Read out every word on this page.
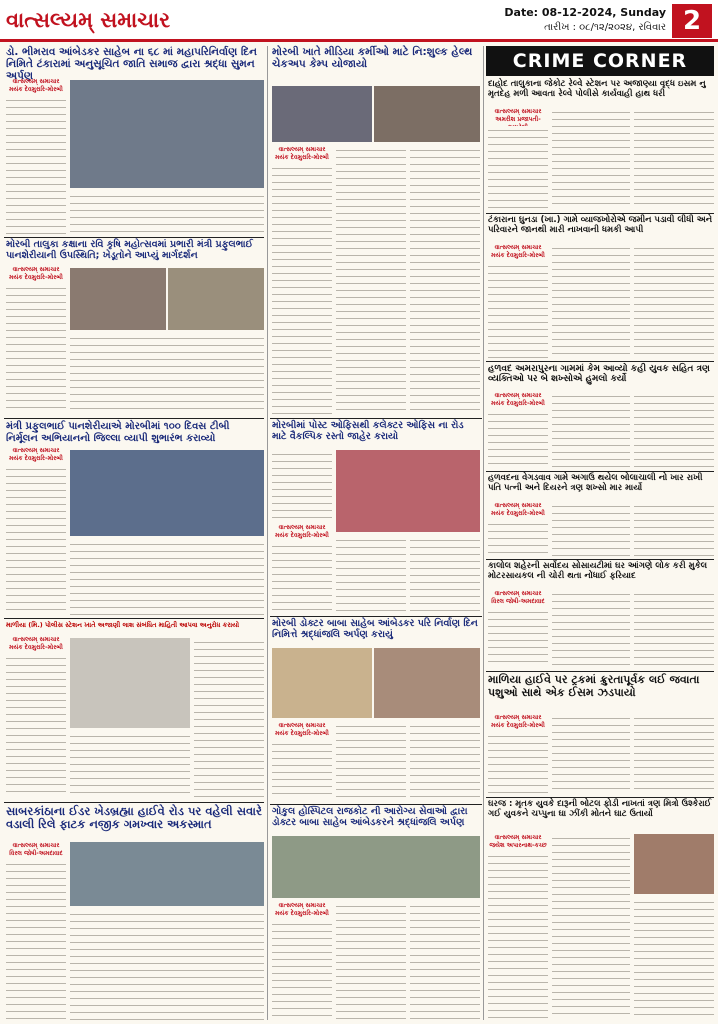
વાત્સલ્યમ્ સમાચાર	Date: 08-12-2024, Sunday
તારીખ : ૦૮/૧૨/૨૦૨૪, રવિવાર 2
ડો. ભીમરાવ આંબેડકર સાહેબ ના ૬૮ માં મહાપરિનિર્વાણ દિન નિમિતે ટંકારામાં અનુસૂચિત જાતિ સમાજ દ્વારા શ્રદ્ધા સુમન અર્પણ
વાત્સલ્યમ્ સમાચાર
મયંક દેવમુરારિ-મોરબી
મોરબી તાલુકા કક્ષાના રવિ કૃષિ મહોત્સવમાં પ્રભારી મંત્રી પ્રફુલભાઈ પાનશેરીયાની ઉપસ્થિતિ; ખેડૂતોને આપ્યું માર્ગદર્શન
વાત્સલ્યમ્ સમાચાર
મયંક દેવમુરારિ-મોરબી
મંત્રી પ્રફુલભાઈ પાનશેરીયાએ મોરબીમાં ૧૦૦ દિવસ ટીબી નિર્મૂલન અભિયાનનો જિલ્લા વ્યાપી શુભારંભ કરાવ્યો
વાત્સલ્યમ્ સમાચાર
મયંક દેવમુરારિ-મોરબી
માળીયા (મિ.) પોલીસ સ્ટેશન ખાતે અજાણી લાશ સંબંધિત માહિતી આપવા અનુરોધ કરાયો
વાત્સલ્યમ્ સમાચાર
મયંક દેવમુરારિ-મોરબી
સાબરકાંઠાના ઈડર ખેડબ્રહ્મા હાઈવે રોડ પર વહેલી સવારે વડાલી રિલે ફાટક નજીક ગમખ્વાર અકસ્માત
વાત્સલ્યમ્ સમાચાર
વિરલ જોષી-અમદાવાદ
મોરબી ખાતે મીડિયા કર્મીઓ માટે નિ:શુલ્ક હેલ્થ ચેકઅપ કેમ્પ યોજાયો
વાત્સલ્યમ્ સમાચાર
મયંક દેવમુરારિ-મોરબી
મોરબીમાં પોસ્ટ ઓફિસથી કલેક્ટર ઓફિસ ના રોડ માટે વૈકલ્પિક રસ્તો જાહેર કરાયો
વાત્સલ્યમ્ સમાચાર
મયંક દેવમુરારિ-મોરબી
મોરબી ડોક્ટર બાબા સાહેબ આંબેડકર પરિ નિર્વાણ દિન નિમિત્તે શ્રદ્ધાંજલિ અર્પણ કરાયું
વાત્સલ્યમ્ સમાચાર
મયંક દેવમુરારિ-મોરબી
ગોકુલ હોસ્પિટલ રાજકોટ ની આરોગ્ય સેવાઓ દ્વારા ડોક્ટર બાબા સાહેબ આંબેડકરને શ્રદ્ધાંજલિ અર્પણ
વાત્સલ્યમ્ સમાચાર
મયંક દેવમુરારિ-મોરબી
CRIME CORNER
દાહોદ તાલુકાના જેકોટ રેલ્વે સ્ટેશન પર અજાણ્યા વૃદ્ધ ઇસમ નુ મૃતદેહ મળી આવતા રેલ્વે પોલીસે કાર્યવાહી હાથ ધરી
વાત્સલ્યમ્ સમાચાર
અમરીશ પ્રજાપતી-
ટંકારાના ઘુનડા (ખા.) ગામે વ્યાજખોરોએ જમીન પડાવી લીધી અને પરિવારને જાનથી મારી નાખવાની ધમકી આપી
વાત્સલ્યમ્ સમાચાર
મયંક દેવમુરારિ-મોરબી
હળવદ અમરાપુરના ગામમાં કેમ આવ્યો કહી યુવક સહિત ત્રણ વ્યક્તિઓ પર બે શખ્સોએ હુમલો કર્યો
વાત્સલ્યમ્ સમાચાર
મયંક દેવમુરારિ-મોરબી
હળવદના વેગડવાવ ગામે અગાઉ થયેલ બોલાચાલી નો ખાર રાખી પતિ પત્ની અને દિયરને ત્રણ શખ્સો માર માર્યો
વાત્સલ્યમ્ સમાચાર
મયંક દેવમુરારિ-મોરબી
કાલોલ શહેરની સર્વોદય સોસાયટીમાં ઘર આંગણે લોક કરી મુકેલ મોટરસાયકલ ની ચોરી થતા નોંધાઈ ફરિયાદ
વાત્સલ્યમ્ સમાચાર
વિરલ જોષી-અમદાવાદ
માળિયા હાઈવે પર ટ્રકમાં ક્રુરતાપૂર્વક લઈ જવાતા પશુઓ સાથે એક ઈસમ ઝડપાયો
વાત્સલ્યમ્ સમાચાર
મયંક દેવમુરારિ-મોરબી
ઘરજ : મૃતક યુવકે દારૂની બોટલ ફોડી નાખતાં ત્રણ મિત્રો ઉશ્કેરાઈ ગઈ યુવકને ચપ્પુના ઘા ઝીંકી મોતને ઘાટ ઉતાર્યો
વાત્સલ્યમ્ સમાચાર
જયેશ અપારનાથ-કચ્છ
